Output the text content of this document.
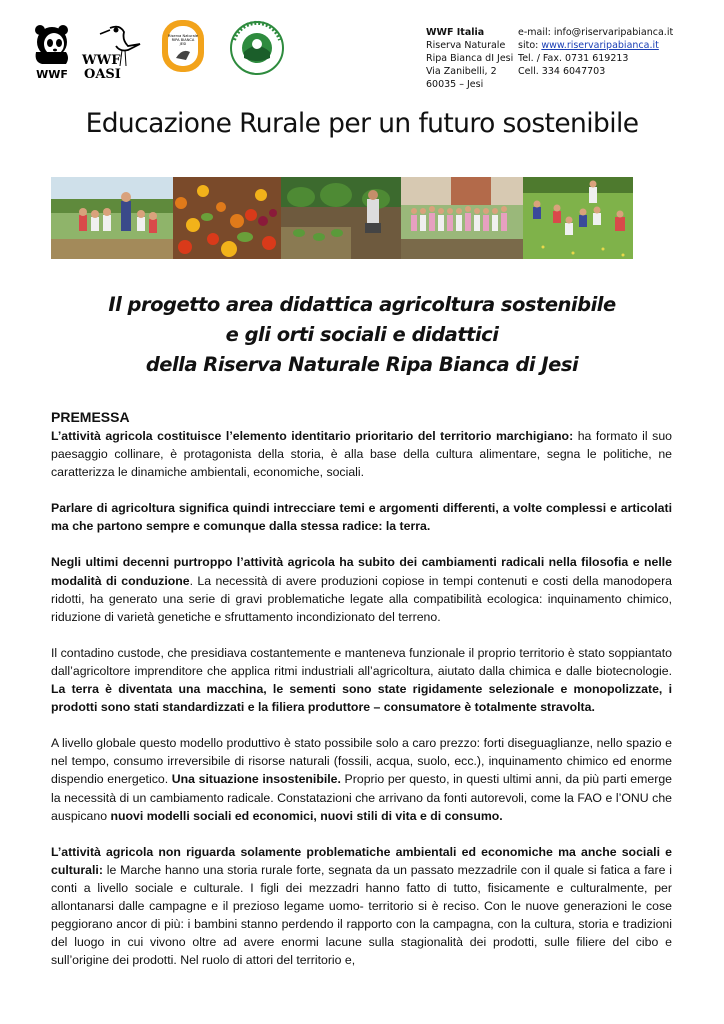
WWF
WWF
OASI
Riserva Naturale
RIPA BIANCA
JESI
WWF Italia
Riserva Naturale
Ripa Bianca dI Jesi
Via Zanibelli, 2
60035 – Jesi
e-mail: info@riservaripabianca.it
sito: www.riservaripabianca.it
Tel. / Fax. 0731 619213
Cell. 334 6047703
Educazione Rurale per un futuro sostenibile
Il progetto area didattica agricoltura sostenibile
e gli orti sociali e didattici
della Riserva Naturale Ripa Bianca di Jesi
PREMESSA

L’attività agricola costituisce l’elemento identitario prioritario del territorio marchigiano: ha formato il suo paesaggio collinare, è protagonista della storia, è alla base della cultura alimentare, segna le politiche, ne caratterizza le dinamiche ambientali, economiche, sociali.

Parlare di agricoltura significa quindi intrecciare temi e argomenti differenti, a volte complessi e articolati ma che partono sempre e comunque dalla stessa radice: la terra.

Negli ultimi decenni purtroppo l’attività agricola ha subito dei cambiamenti radicali nella filosofia e nelle modalità di conduzione. La necessità di avere produzioni copiose in tempi contenuti e costi della manodopera ridotti, ha generato una serie di gravi problematiche legate alla compatibilità ecologica: inquinamento chimico, riduzione di varietà genetiche e sfruttamento incondizionato del terreno.

Il contadino custode, che presidiava costantemente e manteneva funzionale il proprio territorio è stato soppiantato dall’agricoltore imprenditore che applica ritmi industriali all’agricoltura, aiutato dalla chimica e dalle biotecnologie. La terra è diventata una macchina, le sementi sono state rigidamente selezionale e monopolizzate, i prodotti sono stati standardizzati e la filiera produttore – consumatore è totalmente stravolta.

A livello globale questo modello produttivo è stato possibile solo a caro prezzo: forti diseguaglianze, nello spazio e nel tempo, consumo irreversibile di risorse naturali (fossili, acqua, suolo, ecc.), inquinamento chimico ed enorme dispendio energetico. Una situazione insostenibile. Proprio per questo, in questi ultimi anni, da più parti emerge la necessità di un cambiamento radicale. Constatazioni che arrivano da fonti autorevoli, come la FAO e l’ONU che auspicano nuovi modelli sociali ed economici, nuovi stili di vita e di consumo.

L’attività agricola non riguarda solamente problematiche ambientali ed economiche ma anche sociali e culturali: le Marche hanno una storia rurale forte, segnata da un passato mezzadrile con il quale si fatica a fare i conti a livello sociale e culturale. I figli dei mezzadri hanno fatto di tutto, fisicamente e culturalmente, per allontanarsi dalle campagne e il prezioso legame uomo- territorio si è reciso. Con le nuove generazioni le cose peggiorano ancor di più: i bambini stanno perdendo il rapporto con la campagna, con la cultura, storia e tradizioni del luogo in cui vivono oltre ad avere enormi lacune sulla stagionalità dei prodotti, sulle filiere del cibo e sull’origine dei prodotti. Nel ruolo di attori del territorio e,
